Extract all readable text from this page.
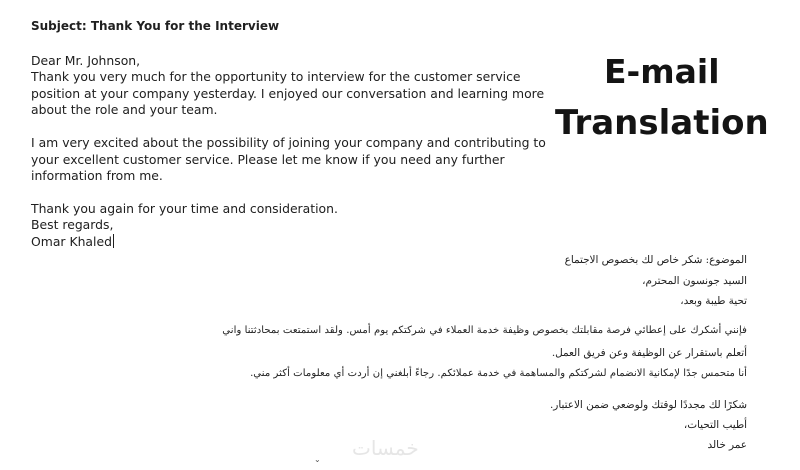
Subject: Thank You for the Interview
Dear Mr. Johnson,
Thank you very much for the opportunity to interview for the customer service
position at your company yesterday. I enjoyed our conversation and learning more
about the role and your team.
I am very excited about the possibility of joining your company and contributing to
your excellent customer service. Please let me know if you need any further
information from me.
Thank you again for your time and consideration.
Best regards,
Omar Khaled
E-mail
Translation
الموضوع: شكر خاص لك بخصوص الاجتماع
السيد جونسون المحترم،
تحية طيبة وبعد،
فإنني أشكرك على إعطائي فرصة مقابلتك بخصوص وظيفة خدمة العملاء في شركتكم يوم أمس. ولقد استمتعت بمحادثتنا واني
أتعلم باستقرار عن الوظيفة وعن فريق العمل.
أنا متحمس جدًا لإمكانية الانضمام لشركتكم والمساهمة في خدمة عملائكم. رجاءً أبلغني إن أردت أي معلومات أكثر مني.
شكرًا لك مجددًا لوقتك ولوضعي ضمن الاعتبار.
أطيب التحيات،
عمر خالد
خمسات
⌄
